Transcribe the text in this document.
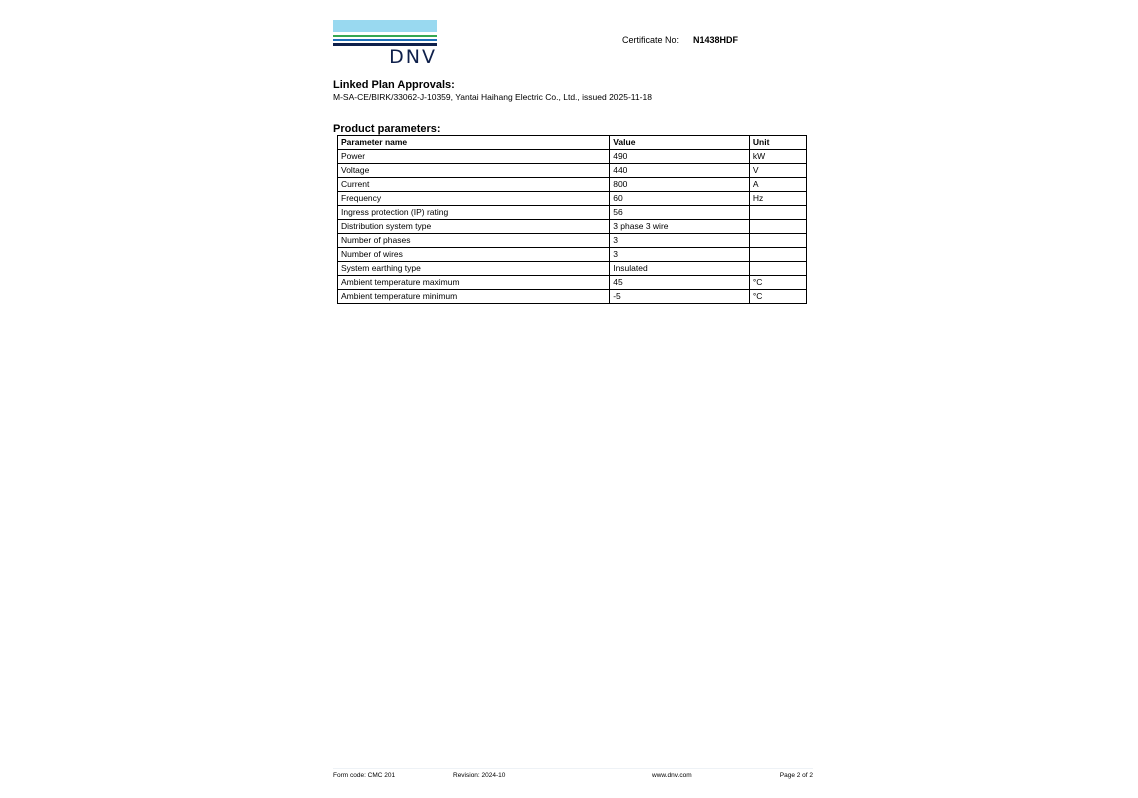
DNV
Certificate No: N1438HDF
Linked Plan Approvals:
M-SA-CE/BIRK/33062-J-10359, Yantai Haihang Electric Co., Ltd., issued 2025-11-18
Product parameters:
Parameter name	Value	Unit
Power	490	kW
Voltage	440	V
Current	800	A
Frequency	60	Hz
Ingress protection (IP) rating	56	
Distribution system type	3 phase 3 wire	
Number of phases	3	
Number of wires	3	
System earthing type	Insulated	
Ambient temperature maximum	45	°C
Ambient temperature minimum	-5	°C
Form code: CMC 201	Revision: 2024-10	www.dnv.com	Page 2 of 2
